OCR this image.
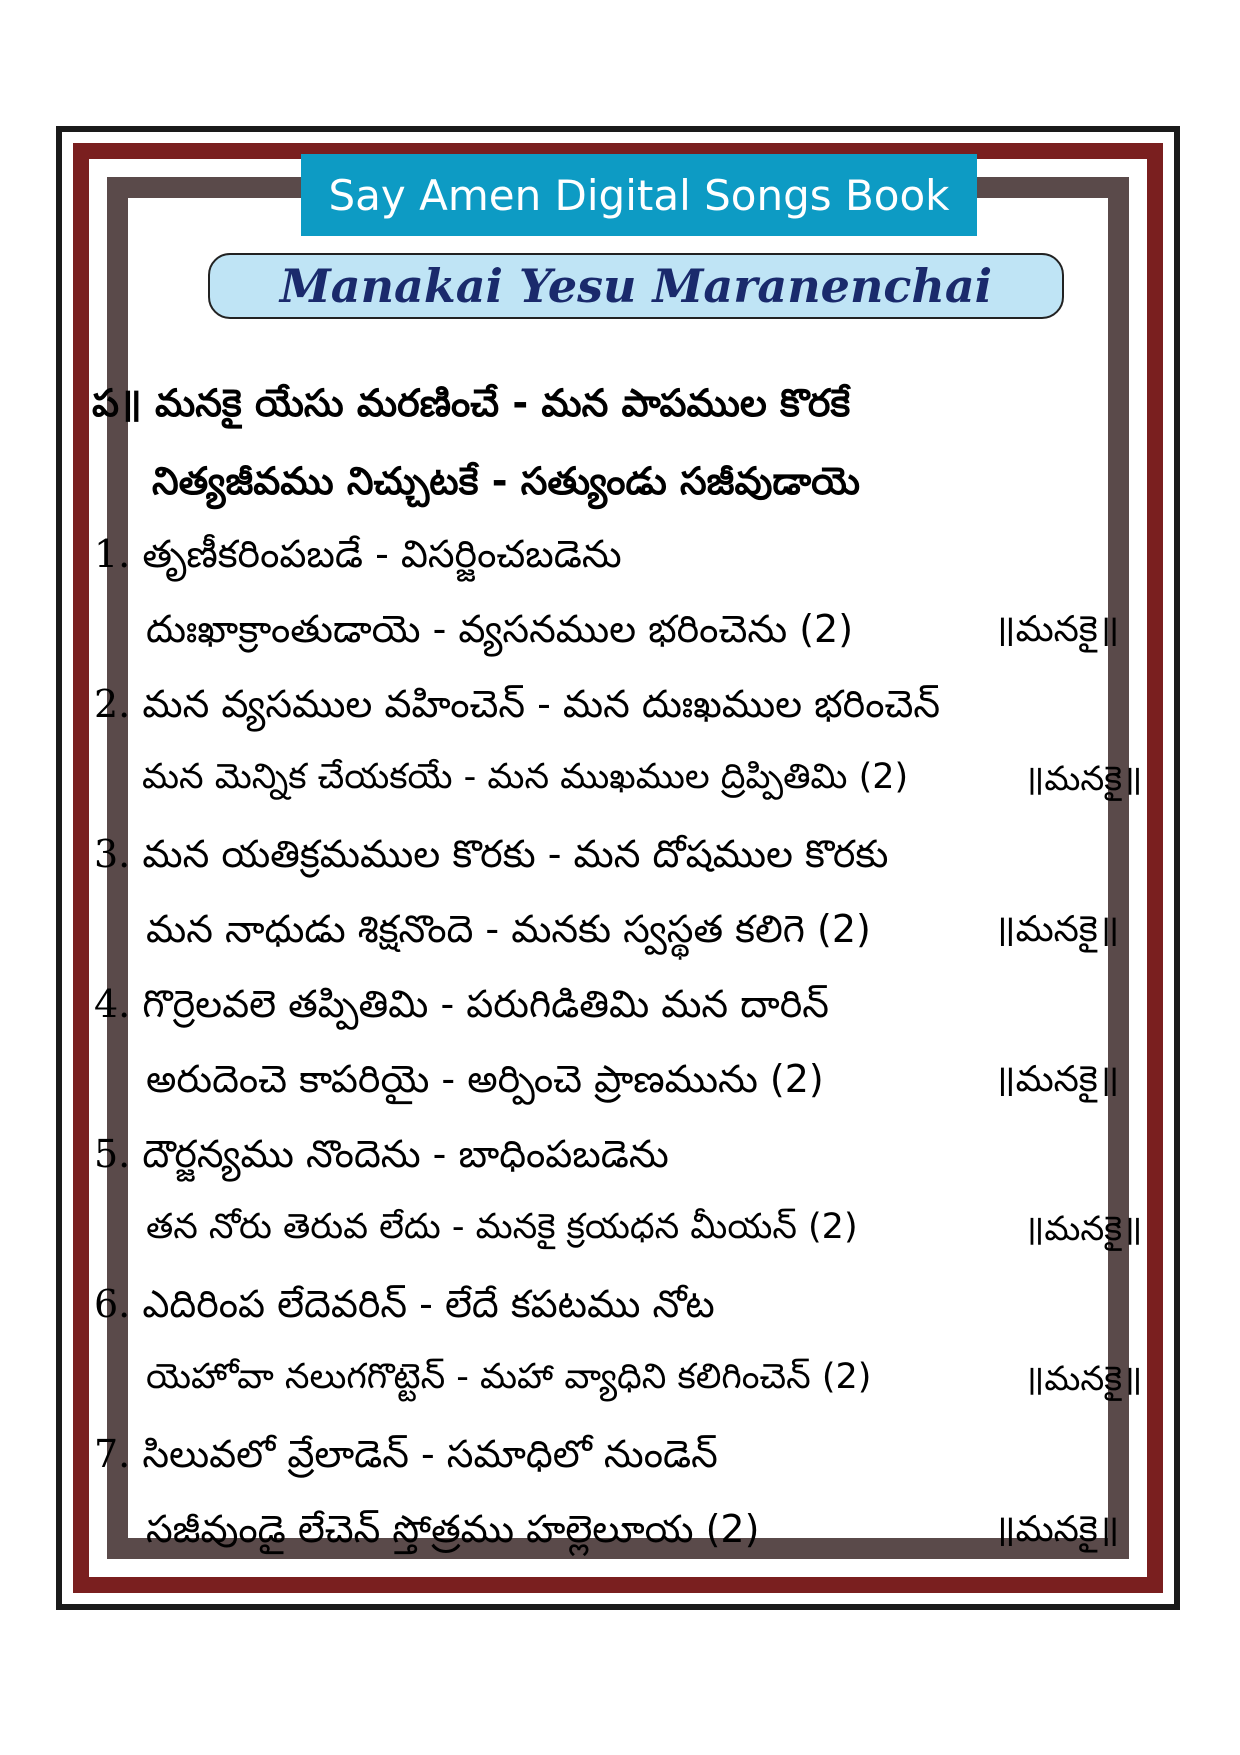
Say Amen Digital Songs Book
Manakai Yesu Maranenchai
ప॥ మనకై యేసు మరణించే - మన పాపముల కొరకే
నిత్యజీవము నిచ్చుటకే - సత్యుండు సజీవుడాయె
1. తృణీకరింపబడే - విసర్జించబడెను
దుఃఖాక్రాంతుడాయె - వ్యసనముల భరించెను (2)	॥మనకై॥
2. మన వ్యసముల వహించెన్ - మన దుఃఖముల భరించెన్
మన మెన్నిక చేయకయే - మన ముఖముల ద్రిప్పితిమి (2)	॥మనకై॥
3. మన యతిక్రమముల కొరకు - మన దోషముల కొరకు
మన నాధుడు శిక్షనొందె - మనకు స్వస్థత కలిగె (2)	॥మనకై॥
4. గొర్రెలవలె తప్పితిమి - పరుగిడితిమి మన దారిన్
అరుదెంచె కాపరియై - అర్పించె ప్రాణమును (2)	॥మనకై॥
5. దౌర్జన్యము నొందెను - బాధింపబడెను
తన నోరు తెరువ లేదు - మనకై క్రయధన మీయన్ (2)	॥మనకై॥
6. ఎదిరింప లేదెవరిన్ - లేదే కపటము నోట
యెహోవా నలుగగొట్టెన్ - మహా వ్యాధిని కలిగించెన్ (2)	॥మనకై॥
7. సిలువలో వ్రేలాడెన్ - సమాధిలో నుండెన్
సజీవుండై లేచెన్ స్తోత్రము హల్లెలూయ (2)	॥మనకై॥
